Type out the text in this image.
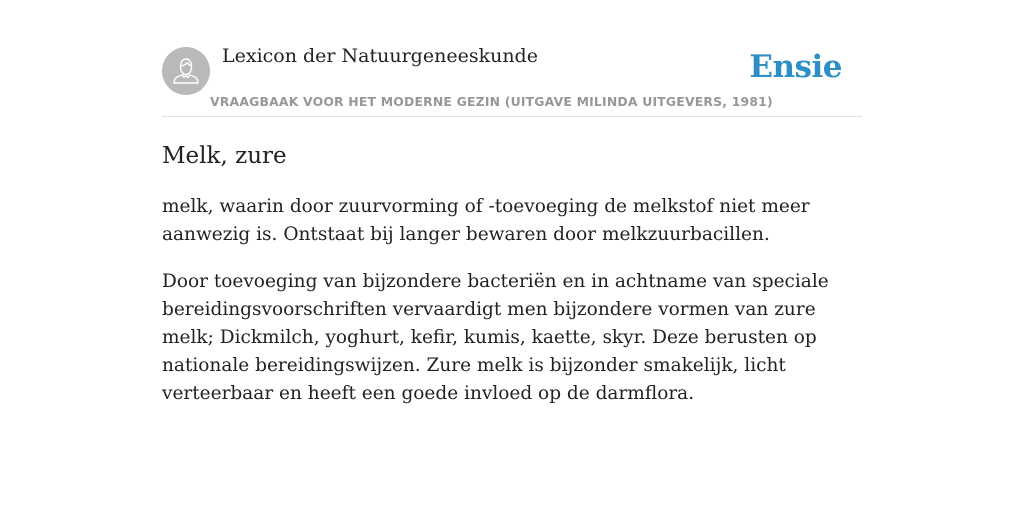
Lexicon der Natuurgeneeskunde
VRAAGBAAK VOOR HET MODERNE GEZIN (UITGAVE MILINDA UITGEVERS, 1981)
Ensie
Melk, zure

melk, waarin door zuurvorming of -toevoeging de melkstof niet meer aanwezig is. Ontstaat bij langer bewaren door melkzuurbacillen.

Door toevoeging van bijzondere bacteriën en in achtname van speciale bereidingsvoorschriften vervaardigt men bijzondere vormen van zure melk; Dickmilch, yoghurt, kefir, kumis, kaette, skyr. Deze berusten op nationale bereidingswijzen. Zure melk is bijzonder smakelijk, licht verteerbaar en heeft een goede invloed op de darmflora.
